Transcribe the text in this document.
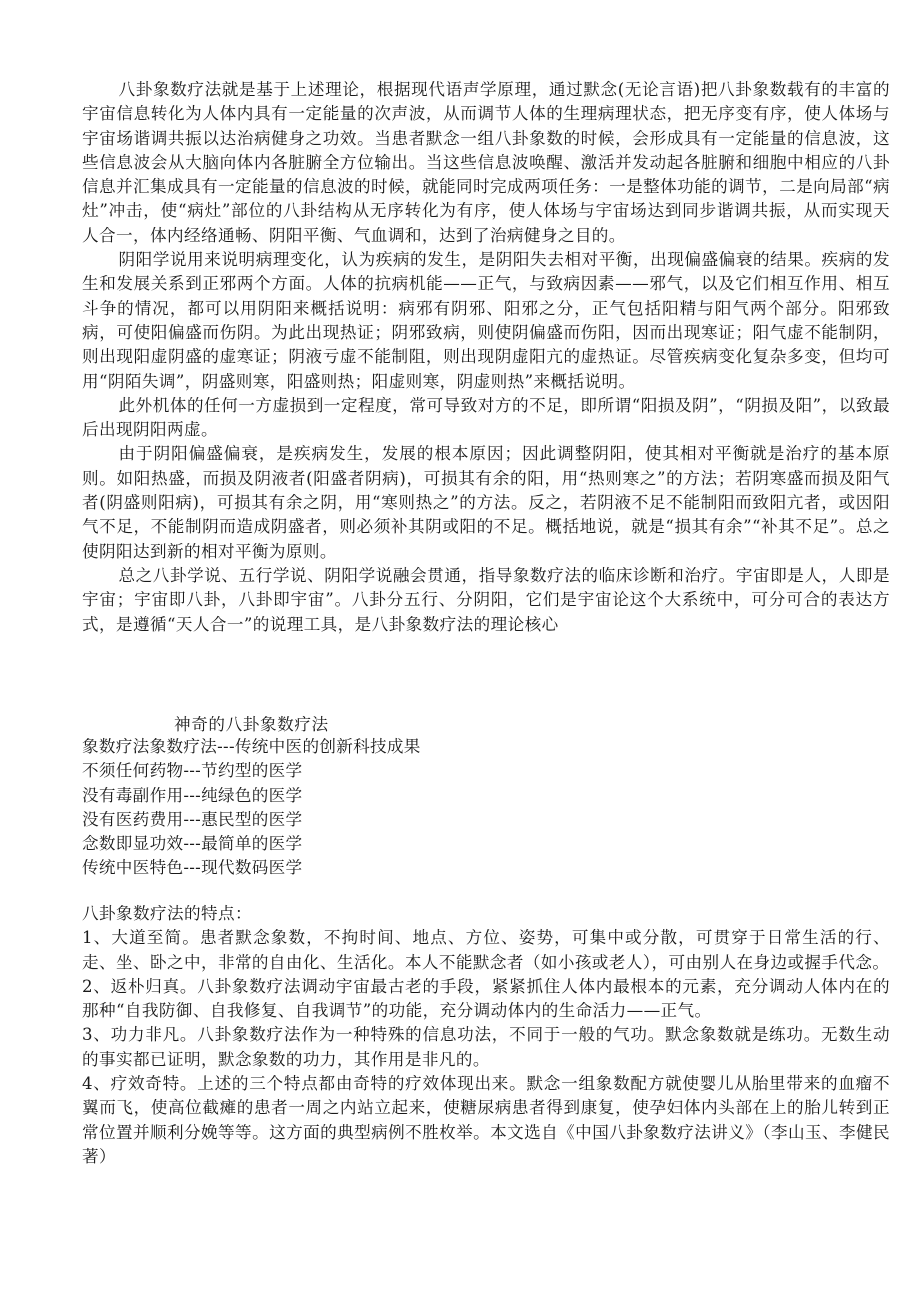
八卦象数疗法就是基于上述理论，根据现代语声学原理，通过默念(无论言语)把八卦象数载有的丰富的宇宙信息转化为人体内具有一定能量的次声波，从而调节人体的生理病理状态，把无序变有序，使人体场与宇宙场谐调共振以达治病健身之功效。当患者默念一组八卦象数的时候，会形成具有一定能量的信息波，这些信息波会从大脑向体内各脏腑全方位输出。当这些信息波唤醒、激活并发动起各脏腑和细胞中相应的八卦信息并汇集成具有一定能量的信息波的时候，就能同时完成两项任务：一是整体功能的调节，二是向局部“病灶”冲击，使“病灶”部位的八卦结构从无序转化为有序，使人体场与宇宙场达到同步谐调共振，从而实现天人合一，体内经络通畅、阴阳平衡、气血调和，达到了治病健身之目的。

阴阳学说用来说明病理变化，认为疾病的发生，是阴阳失去相对平衡，出现偏盛偏衰的结果。疾病的发生和发展关系到正邪两个方面。人体的抗病机能——正气，与致病因素——邪气，以及它们相互作用、相互斗争的情况，都可以用阴阳来概括说明：病邪有阴邪、阳邪之分，正气包括阳精与阳气两个部分。阳邪致病，可使阳偏盛而伤阴。为此出现热证；阴邪致病，则使阴偏盛而伤阳，因而出现寒证；阳气虚不能制阴，则出现阳虚阴盛的虚寒证；阴液亏虚不能制阻，则出现阴虚阳亢的虚热证。尽管疾病变化复杂多变，但均可用“阴陌失调”，阴盛则寒，阳盛则热；阳虚则寒，阴虚则热”来概括说明。

此外机体的任何一方虚损到一定程度，常可导致对方的不足，即所谓“阳损及阴”，“阴损及阳”，以致最后出现阴阳两虚。

由于阴阳偏盛偏衰，是疾病发生，发展的根本原因；因此调整阴阳，使其相对平衡就是治疗的基本原则。如阳热盛，而损及阴液者(阳盛者阴病)，可损其有余的阳，用“热则寒之”的方法；若阴寒盛而损及阳气者(阴盛则阳病)，可损其有余之阴，用“寒则热之”的方法。反之，若阴液不足不能制阳而致阳亢者，或因阳气不足，不能制阴而造成阴盛者，则必须补其阴或阳的不足。概括地说，就是“损其有余”“补其不足”。总之使阴阳达到新的相对平衡为原则。

总之八卦学说、五行学说、阴阳学说融会贯通，指导象数疗法的临床诊断和治疗。宇宙即是人，人即是宇宙；宇宙即八卦，八卦即宇宙”。八卦分五行、分阴阳，它们是宇宙论这个大系统中，可分可合的表达方式，是遵循“天人合一”的说理工具，是八卦象数疗法的理论核心

神奇的八卦象数疗法
象数疗法象数疗法---传统中医的创新科技成果
不须任何药物---节约型的医学
没有毒副作用---纯绿色的医学
没有医药费用---惠民型的医学
念数即显功效---最简单的医学
传统中医特色---现代数码医学

八卦象数疗法的特点：

1、大道至简。患者默念象数，不拘时间、地点、方位、姿势，可集中或分散，可贯穿于日常生活的行、走、坐、卧之中，非常的自由化、生活化。本人不能默念者（如小孩或老人），可由别人在身边或握手代念。

2、返朴归真。八卦象数疗法调动宇宙最古老的手段，紧紧抓住人体内最根本的元素，充分调动人体内在的那种“自我防御、自我修复、自我调节”的功能，充分调动体内的生命活力——正气。

3、功力非凡。八卦象数疗法作为一种特殊的信息功法，不同于一般的气功。默念象数就是练功。无数生动的事实都已证明，默念象数的功力，其作用是非凡的。

4、疗效奇特。上述的三个特点都由奇特的疗效体现出来。默念一组象数配方就使婴儿从胎里带来的血瘤不翼而飞，使高位截瘫的患者一周之内站立起来，使糖尿病患者得到康复，使孕妇体内头部在上的胎儿转到正常位置并顺利分娩等等。这方面的典型病例不胜枚举。本文选自《中国八卦象数疗法讲义》（李山玉、李健民著）
